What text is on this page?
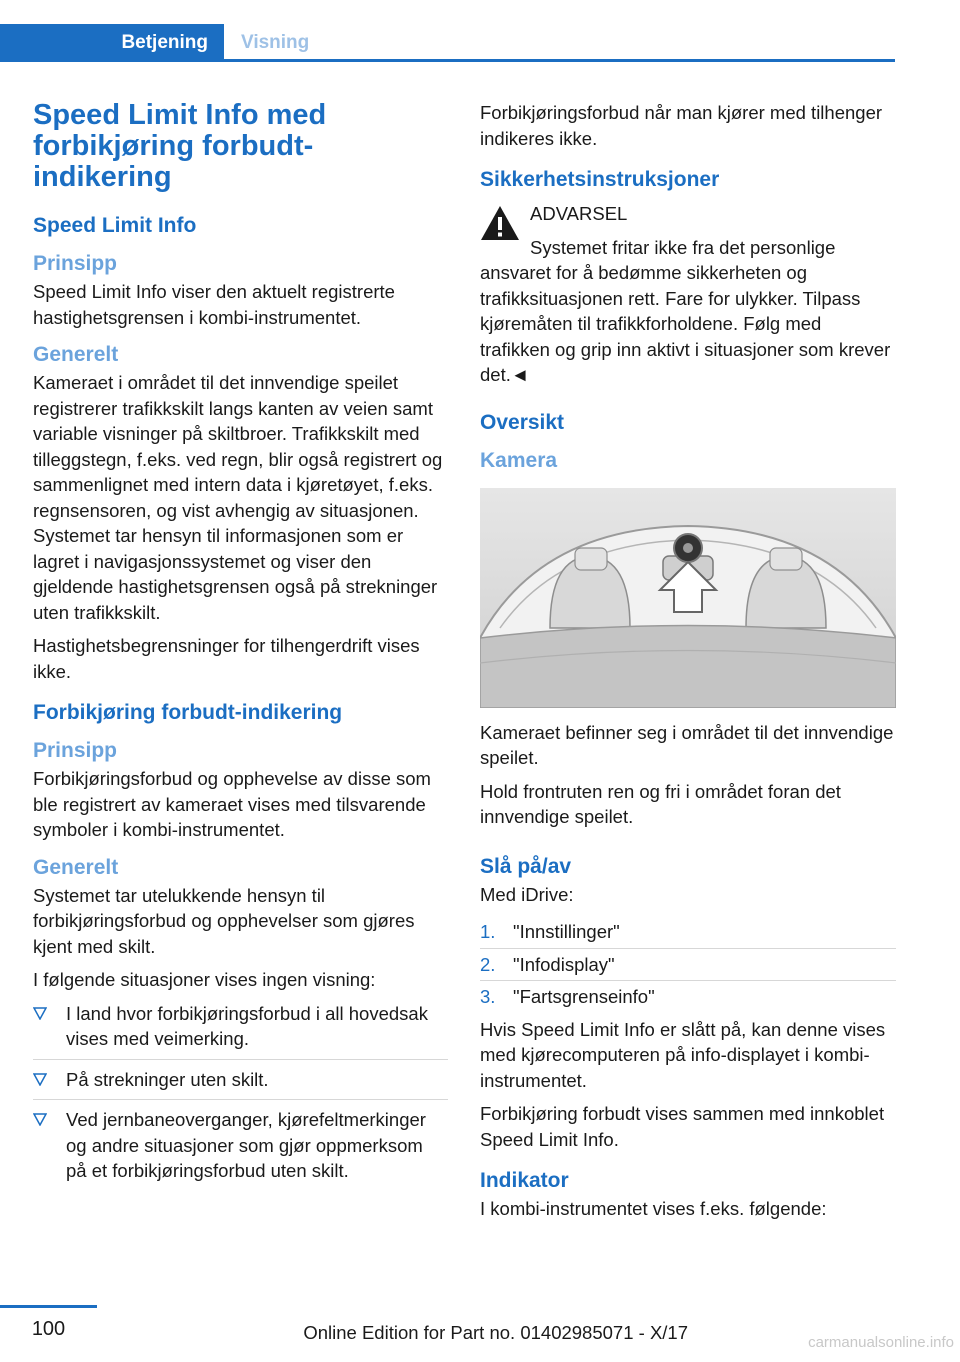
Betjening	Visning
Speed Limit Info med forbikjøring forbudt-indikering
Speed Limit Info
Prinsipp

Speed Limit Info viser den aktuelt registrerte hastighetsgrensen i kombi-instrumentet.

Generelt

Kameraet i området til det innvendige speilet registrerer trafikkskilt langs kanten av veien samt variable visninger på skiltbroer. Trafikkskilt med tilleggstegn, f.eks. ved regn, blir også registrert og sammenlignet med intern data i kjøretøyet, f.eks. regnsensoren, og vist avhengig av situasjonen. Systemet tar hensyn til informasjonen som er lagret i navigasjonssystemet og viser den gjeldende hastighetsgrensen også på strekninger uten trafikkskilt.

Hastighetsbegrensninger for tilhengerdrift vises ikke.

Forbikjøring forbudt-indikering
Prinsipp

Forbikjøringsforbud og opphevelse av disse som ble registrert av kameraet vises med tilsvarende symboler i kombi-instrumentet.

Generelt

Systemet tar utelukkende hensyn til forbikjøringsforbud og opphevelser som gjøres kjent med skilt.

I følgende situasjoner vises ingen visning:

I land hvor forbikjøringsforbud i all hovedsak vises med veimerking.
På strekninger uten skilt.
Ved jernbaneoverganger, kjørefeltmerkinger og andre situasjoner som gjør oppmerksom på et forbikjøringsforbud uten skilt.

Forbikjøringsforbud når man kjører med tilhenger indikeres ikke.

Sikkerhetsinstruksjoner
ADVARSEL
Systemet fritar ikke fra det personlige ansvaret for å bedømme sikkerheten og trafikksituasjonen rett. Fare for ulykker. Tilpass kjøremåten til trafikkforholdene. Følg med trafikken og grip inn aktivt i situasjoner som krever det.◄
Oversikt
Kamera

Kameraet befinner seg i området til det innvendige speilet.

Hold frontruten ren og fri i området foran det innvendige speilet.

Slå på/av

Med iDrive:

1. "Innstillinger"
2. "Infodisplay"
3. "Fartsgrenseinfo"

Hvis Speed Limit Info er slått på, kan denne vises med kjørecomputeren på info-displayet i kombi-instrumentet.

Forbikjøring forbudt vises sammen med innkoblet Speed Limit Info.

Indikator

I kombi-instrumentet vises f.eks. følgende:

100	Online Edition for Part no. 01402985071 - X/17	carmanualsonline.info
